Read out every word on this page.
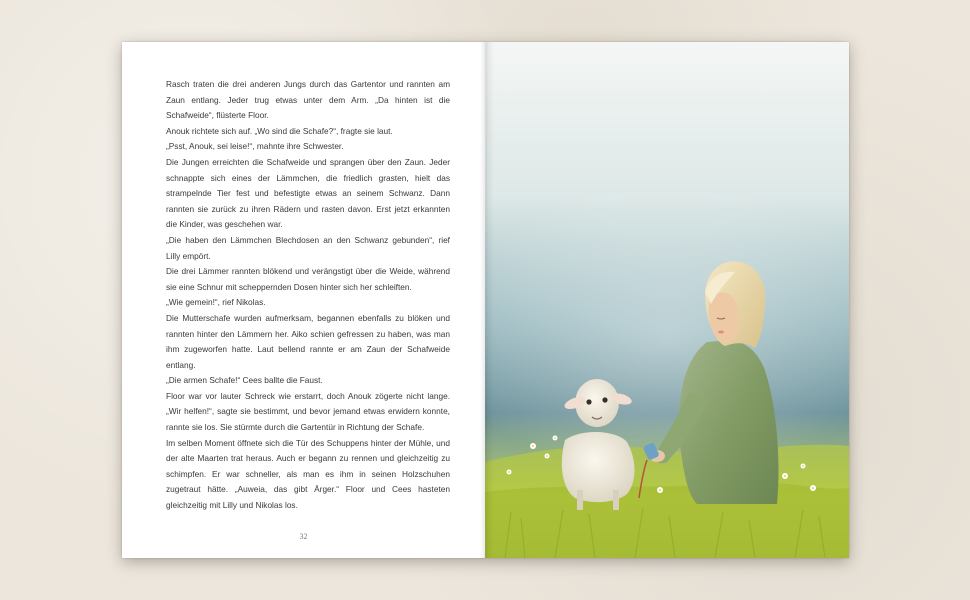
Rasch traten die drei anderen Jungs durch das Gartentor und rannten am Zaun entlang. Jeder trug etwas unter dem Arm. „Da hinten ist die Schafweide“, flüsterte Floor.

Anouk richtete sich auf. „Wo sind die Schafe?“, fragte sie laut.

„Psst, Anouk, sei leise!“, mahnte ihre Schwester.

Die Jungen erreichten die Schafweide und sprangen über den Zaun. Jeder schnappte sich eines der Lämmchen, die friedlich grasten, hielt das strampelnde Tier fest und befestigte etwas an seinem Schwanz. Dann rannten sie zurück zu ihren Rädern und rasten davon. Erst jetzt erkannten die Kinder, was geschehen war.

„Die haben den Lämmchen Blechdosen an den Schwanz gebunden“, rief Lilly empört.

Die drei Lämmer rannten blökend und verängstigt über die Weide, während sie eine Schnur mit scheppernden Dosen hinter sich her schleiften.

„Wie gemein!“, rief Nikolas.

Die Mutterschafe wurden aufmerksam, begannen ebenfalls zu blöken und rannten hinter den Lämmern her. Aiko schien gefressen zu haben, was man ihm zugeworfen hatte. Laut bellend rannte er am Zaun der Schafweide entlang.

„Die armen Schafe!“ Cees ballte die Faust.

Floor war vor lauter Schreck wie erstarrt, doch Anouk zögerte nicht lange. „Wir helfen!“, sagte sie bestimmt, und bevor jemand etwas erwidern konnte, rannte sie los. Sie stürmte durch die Gartentür in Richtung der Schafe.

Im selben Moment öffnete sich die Tür des Schuppens hinter der Mühle, und der alte Maarten trat heraus. Auch er begann zu rennen und gleichzeitig zu schimpfen. Er war schneller, als man es ihm in seinen Holzschuhen zugetraut hätte. „Auweia, das gibt Ärger.“ Floor und Cees hasteten gleichzeitig mit Lilly und Nikolas los.

32
